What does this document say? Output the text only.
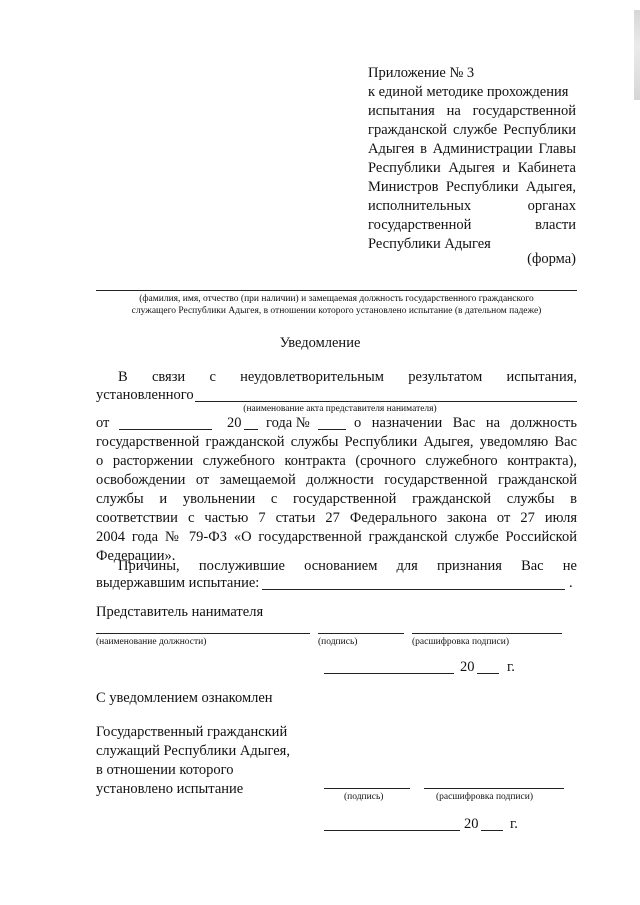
Приложение № 3
к единой методике прохождения
испытания на государственной
гражданской службе Республики
Адыгея в Администрации Главы
Республики Адыгея и Кабинета
Министров Республики Адыгея,
исполнительных органах
государственной власти
Республики Адыгея
(форма)
(фамилия, имя, отчество (при наличии) и замещаемая должность государственного гражданского
служащего Республики Адыгея, в отношении которого установлено испытание (в дательном падеже)
Уведомление
В связи с неудовлетворительным результатом испытания,
установленного
(наименование акта представителя нанимателя)
от	20 года №	о назначении Вас на должность
государственной гражданской службы Республики Адыгея, уведомляю Вас
о расторжении служебного контракта (срочного служебного контракта),
освобождении от замещаемой должности государственной гражданской
службы и увольнении с государственной гражданской службы в
соответствии с частью 7 статьи 27 Федерального закона от 27 июля
2004 года № 79-ФЗ «О государственной гражданской службе Российской
Федерации».
Причины, послужившие основанием для признания Вас не
выдержавшим испытание:	.
Представитель нанимателя
(наименование должности)	(подпись)	(расшифровка подписи)
20 г.
С уведомлением ознакомлен
Государственный гражданский
служащий Республики Адыгея,
в отношении которого
установлено испытание	(подпись)	(расшифровка подписи)
20 г.
